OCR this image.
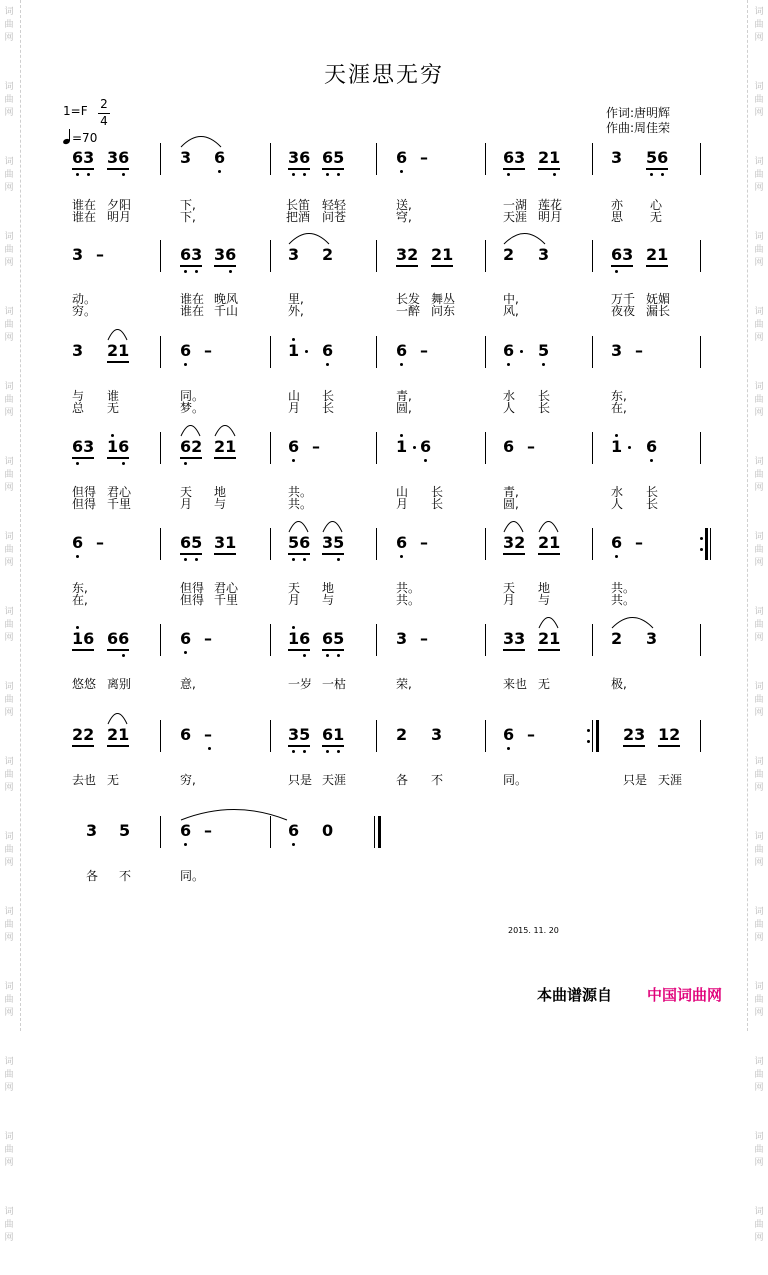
词
曲
网
词
曲
网
词
曲
网
词
曲
网
词
曲
网
词
曲
网
词
曲
网
词
曲
网
词
曲
网
词
曲
网
词
曲
网
词
曲
网
词
曲
网
词
曲
网
词
曲
网
词
曲
网
词
曲
网
词
曲
网
词
曲
网
词
曲
网
词
曲
网
词
曲
网
词
曲
网
词
曲
网
词
曲
网
词
曲
网
词
曲
网
词
曲
网
词
曲
网
词
曲
网
词
曲
网
词
曲
网
词
曲
网
词
曲
网
天涯思无穷
1=F 2
4
=70
作词:唐明辉
作曲:周佳荣
63 36	3 6	36 65	6 –	63 21	3 56
谁在 夕阳	下,	长笛 轻轻	送,	一湖 莲花	亦 心
谁在 明月	下,	把酒 问苍	穹,	天涯 明月	思 无
3 –	63 36	3 2	32 21	2 3	63 21
动。	谁在 晚风	里,	长发 舞丛	中,	万千 妩媚
穷。	谁在 千山	外,	一醉 问东	风,	夜夜 漏长
3 21	6 –	1 6	6 –	6 5	3 –
与 谁	同。	山 长	青,	水 长	东,
总 无	梦。	月 长	圆,	人 长	在,
63 16	62 21	6 –	1 6	6 –	1 6
但得 君心	天 地	共。	山 长	青,	水 长
但得 千里	月 与	共。	月 长	圆,	人 长
6 –	65 31	56 35	6 –	32 21	6 –
东,	但得 君心	天 地	共。	天 地	共。
在,	但得 千里	月 与	共。	月 与	共。
16 66	6 –	16 65	3 –	33 21	2 3
悠悠 离别	意,	一岁 一枯	荣,	来也 无	极,
22 21	6 –	35 61	2 3	6 –	23 12
去也 无	穷,	只是 天涯	各 不	同。	只是 天涯
3 5	6 –	6 0
各 不	同。
2015. 11. 20
本曲谱源自 中国词曲网
